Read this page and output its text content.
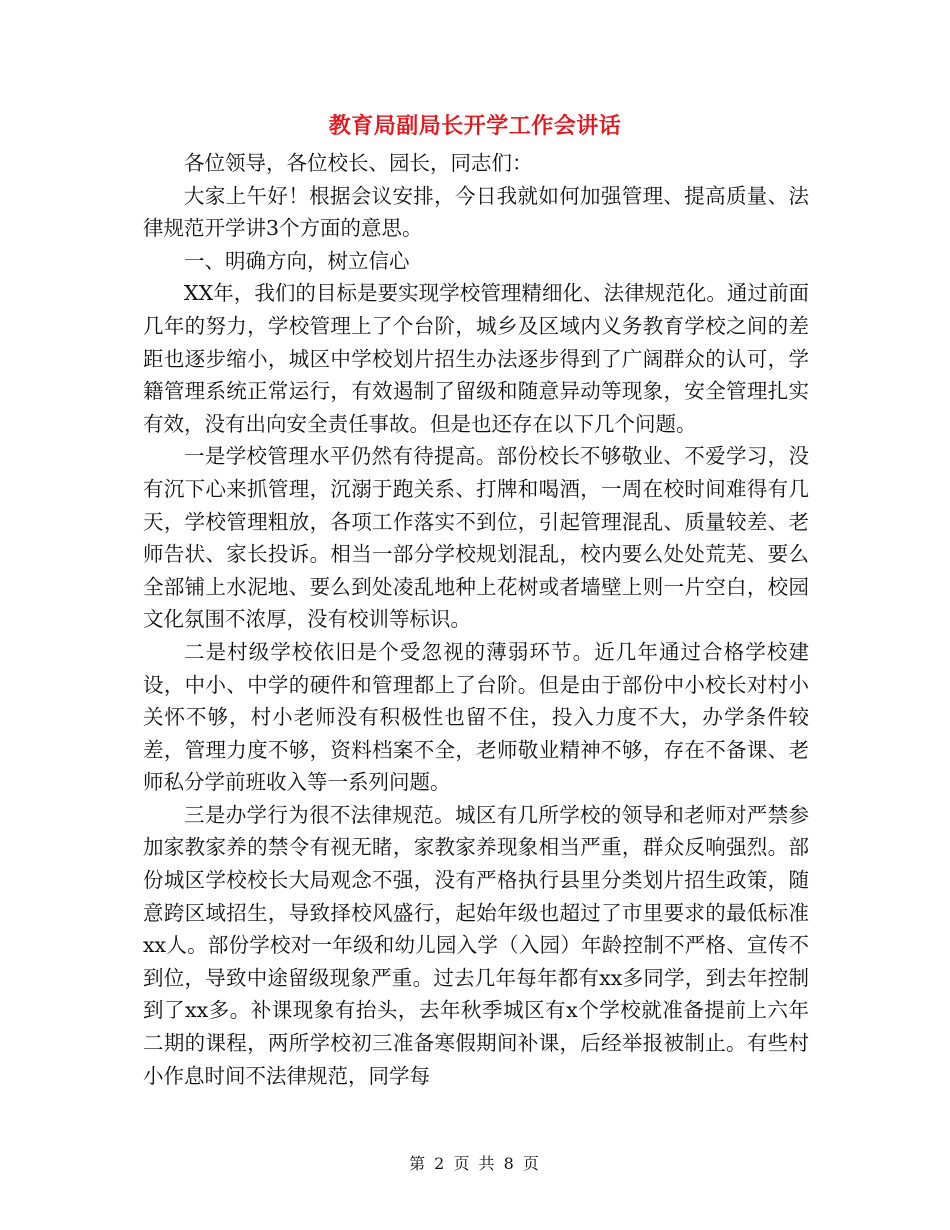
教育局副局长开学工作会讲话

各位领导，各位校长、园长，同志们：

大家上午好！根据会议安排，今日我就如何加强管理、提高质量、法律规范开学讲3个方面的意思。

一、明确方向，树立信心

XX年，我们的目标是要实现学校管理精细化、法律规范化。通过前面几年的努力，学校管理上了个台阶，城乡及区域内义务教育学校之间的差距也逐步缩小，城区中学校划片招生办法逐步得到了广阔群众的认可，学籍管理系统正常运行，有效遏制了留级和随意异动等现象，安全管理扎实有效，没有出向安全责任事故。但是也还存在以下几个问题。

一是学校管理水平仍然有待提高。部份校长不够敬业、不爱学习，没有沉下心来抓管理，沉溺于跑关系、打牌和喝酒，一周在校时间难得有几天，学校管理粗放，各项工作落实不到位，引起管理混乱、质量较差、老师告状、家长投诉。相当一部分学校规划混乱，校内要么处处荒芜、要么全部铺上水泥地、要么到处凌乱地种上花树或者墙壁上则一片空白，校园文化氛围不浓厚，没有校训等标识。

二是村级学校依旧是个受忽视的薄弱环节。近几年通过合格学校建设，中小、中学的硬件和管理都上了台阶。但是由于部份中小校长对村小关怀不够，村小老师没有积极性也留不住，投入力度不大，办学条件较差，管理力度不够，资料档案不全，老师敬业精神不够，存在不备课、老师私分学前班收入等一系列问题。

三是办学行为很不法律规范。城区有几所学校的领导和老师对严禁参加家教家养的禁令有视无睹，家教家养现象相当严重，群众反响强烈。部份城区学校校长大局观念不强，没有严格执行县里分类划片招生政策，随意跨区域招生，导致择校风盛行，起始年级也超过了市里要求的最低标准xx人。部份学校对一年级和幼儿园入学（入园）年龄控制不严格、宣传不到位，导致中途留级现象严重。过去几年每年都有xx多同学，到去年控制到了xx多。补课现象有抬头，去年秋季城区有x个学校就准备提前上六年二期的课程，两所学校初三准备寒假期间补课，后经举报被制止。有些村小作息时间不法律规范，同学每

第 2 页 共 8 页
